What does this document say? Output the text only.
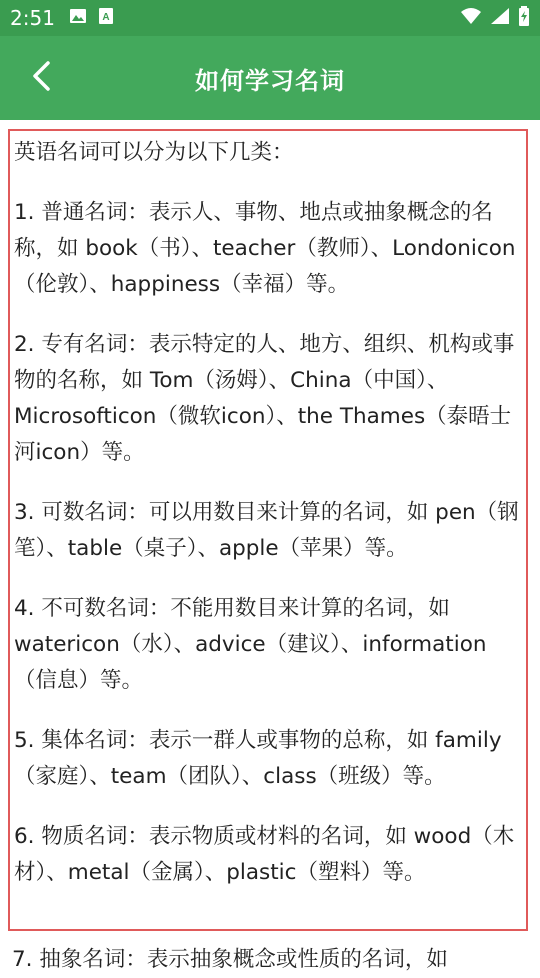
2:51	A
如何学习名词

英语名词可以分为以下几类：

1. 普通名词：表示人、事物、地点或抽象概念的名称，如 book（书）、teacher（教师）、Londonicon（伦敦）、happiness（幸福）等。

2. 专有名词：表示特定的人、地方、组织、机构或事物的名称，如 Tom（汤姆）、China（中国）、Microsofticon（微软icon）、the Thames（泰晤士河icon）等。

3. 可数名词：可以用数目来计算的名词，如 pen（钢笔）、table（桌子）、apple（苹果）等。

4. 不可数名词：不能用数目来计算的名词，如 watericon（水）、advice（建议）、information（信息）等。

5. 集体名词：表示一群人或事物的总称，如 family（家庭）、team（团队）、class（班级）等。

6. 物质名词：表示物质或材料的名词，如 wood（木材）、metal（金属）、plastic（塑料）等。

7. 抽象名词：表示抽象概念或性质的名词，如
